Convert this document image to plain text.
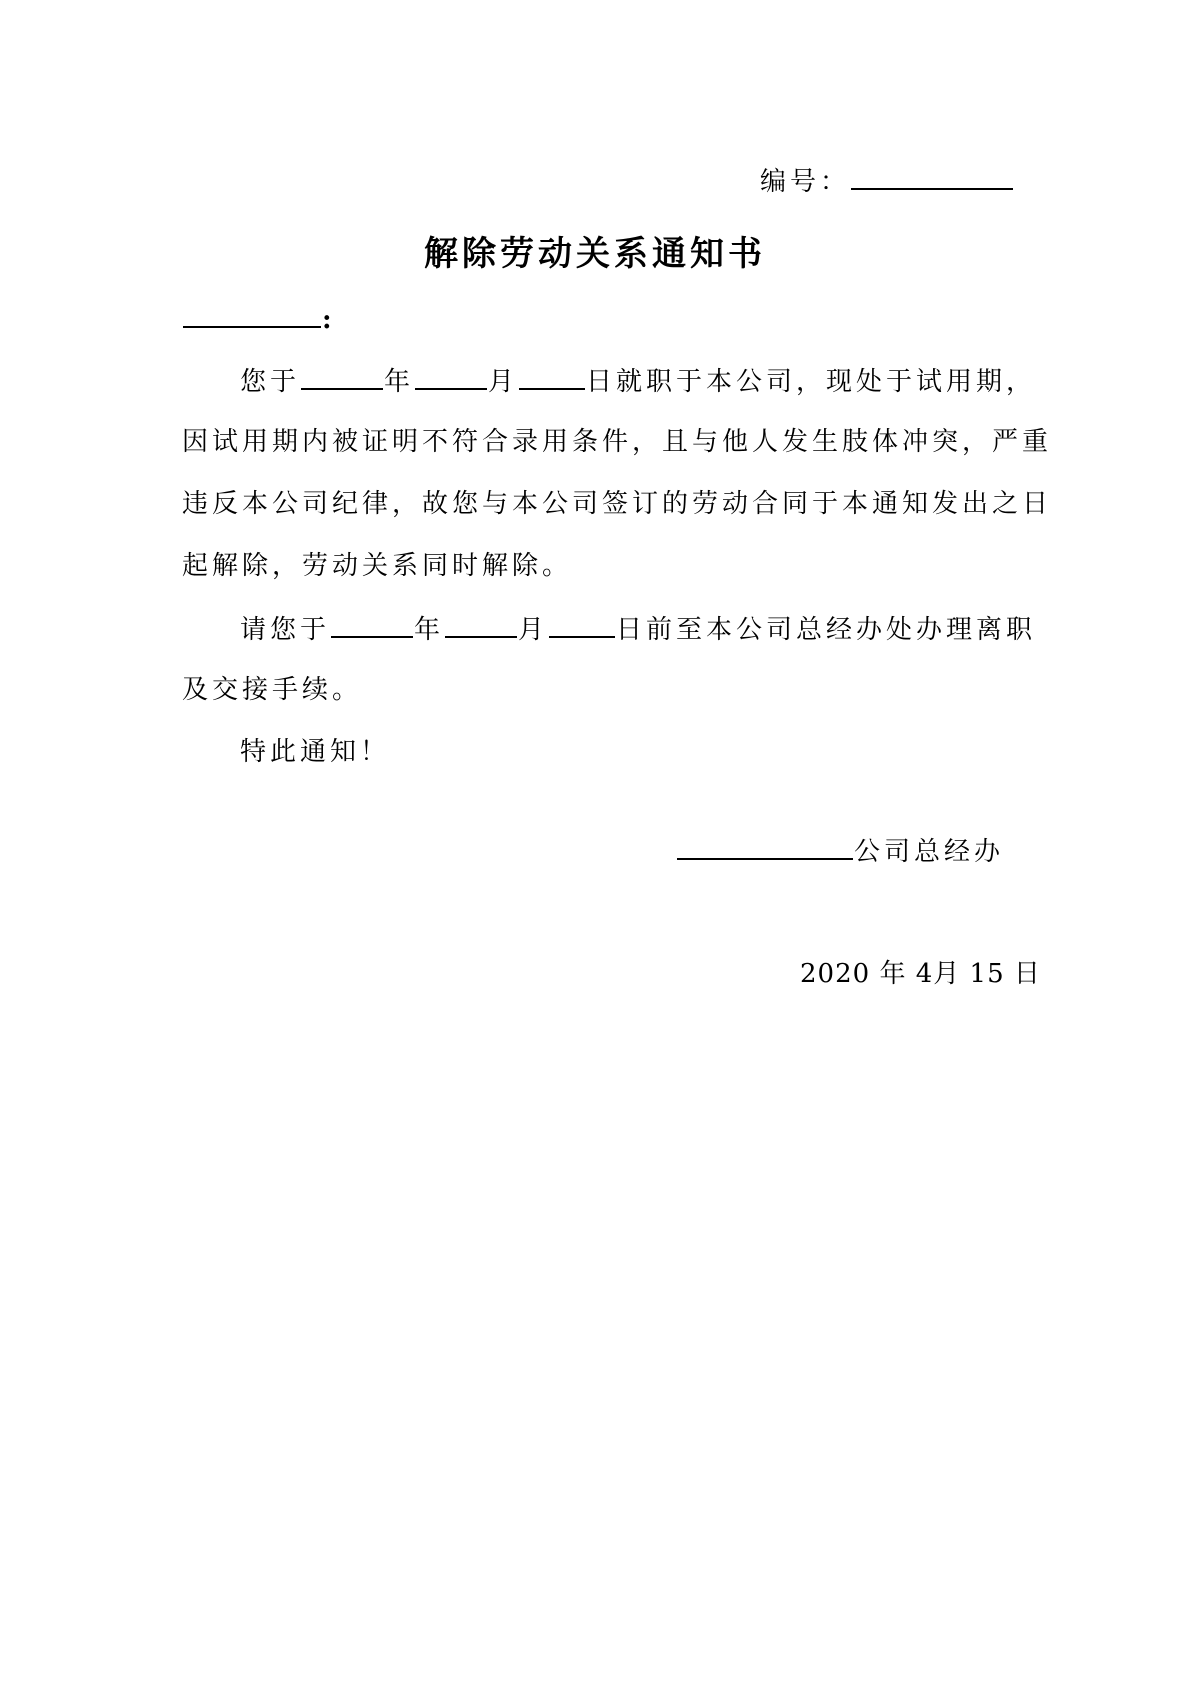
编号：
解除劳动关系通知书
:
您于	年	月	日就职于本公司，现处于试用期，
因试用期内被证明不符合录用条件，且与他人发生肢体冲突，严重
违反本公司纪律，故您与本公司签订的劳动合同于本通知发出之日
起解除，劳动关系同时解除。
请您于	年	月	日前至本公司总经办处办理离职
及交接手续。
特此通知！
公司总经办
2020 年 4月 15 日
